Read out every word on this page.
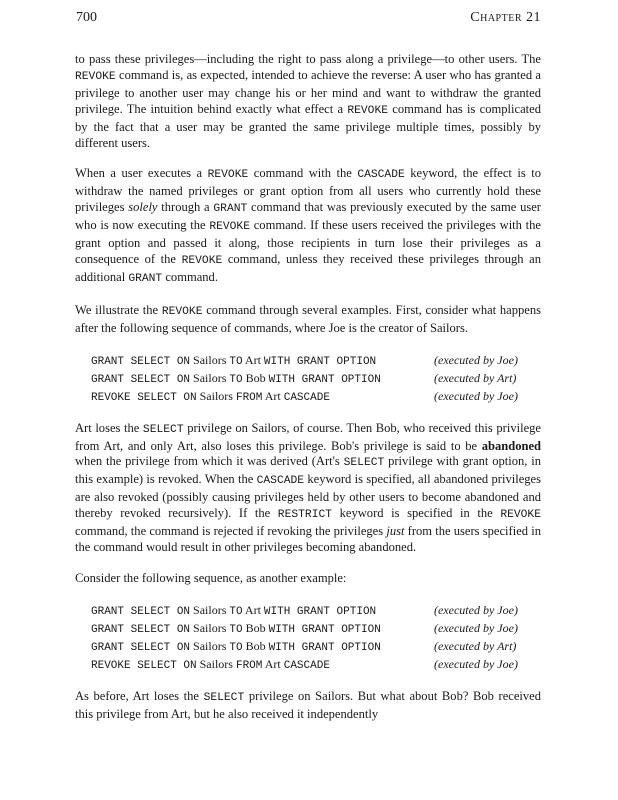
700	Chapter 21

to pass these privileges—including the right to pass along a privilege—to other users. The REVOKE command is, as expected, intended to achieve the reverse: A user who has granted a privilege to another user may change his or her mind and want to withdraw the granted privilege. The intuition behind exactly what effect a REVOKE command has is complicated by the fact that a user may be granted the same privilege multiple times, possibly by different users.

When a user executes a REVOKE command with the CASCADE keyword, the effect is to withdraw the named privileges or grant option from all users who currently hold these privileges solely through a GRANT command that was previously executed by the same user who is now executing the REVOKE command. If these users received the privileges with the grant option and passed it along, those recipients in turn lose their privileges as a consequence of the REVOKE command, unless they received these privileges through an additional GRANT command.

We illustrate the REVOKE command through several examples. First, consider what happens after the following sequence of commands, where Joe is the creator of Sailors.

GRANT SELECT ON Sailors TO Art WITH GRANT OPTION	(executed by Joe)
GRANT SELECT ON Sailors TO Bob WITH GRANT OPTION	(executed by Art)
REVOKE SELECT ON Sailors FROM Art CASCADE	(executed by Joe)

Art loses the SELECT privilege on Sailors, of course. Then Bob, who received this privilege from Art, and only Art, also loses this privilege. Bob's privilege is said to be abandoned when the privilege from which it was derived (Art's SELECT privilege with grant option, in this example) is revoked. When the CASCADE keyword is specified, all abandoned privileges are also revoked (possibly causing privileges held by other users to become abandoned and thereby revoked recursively). If the RESTRICT keyword is specified in the REVOKE command, the command is rejected if revoking the privileges just from the users specified in the command would result in other privileges becoming abandoned.

Consider the following sequence, as another example:

GRANT SELECT ON Sailors TO Art WITH GRANT OPTION	(executed by Joe)
GRANT SELECT ON Sailors TO Bob WITH GRANT OPTION	(executed by Joe)
GRANT SELECT ON Sailors TO Bob WITH GRANT OPTION	(executed by Art)
REVOKE SELECT ON Sailors FROM Art CASCADE	(executed by Joe)

As before, Art loses the SELECT privilege on Sailors. But what about Bob? Bob received this privilege from Art, but he also received it independently
